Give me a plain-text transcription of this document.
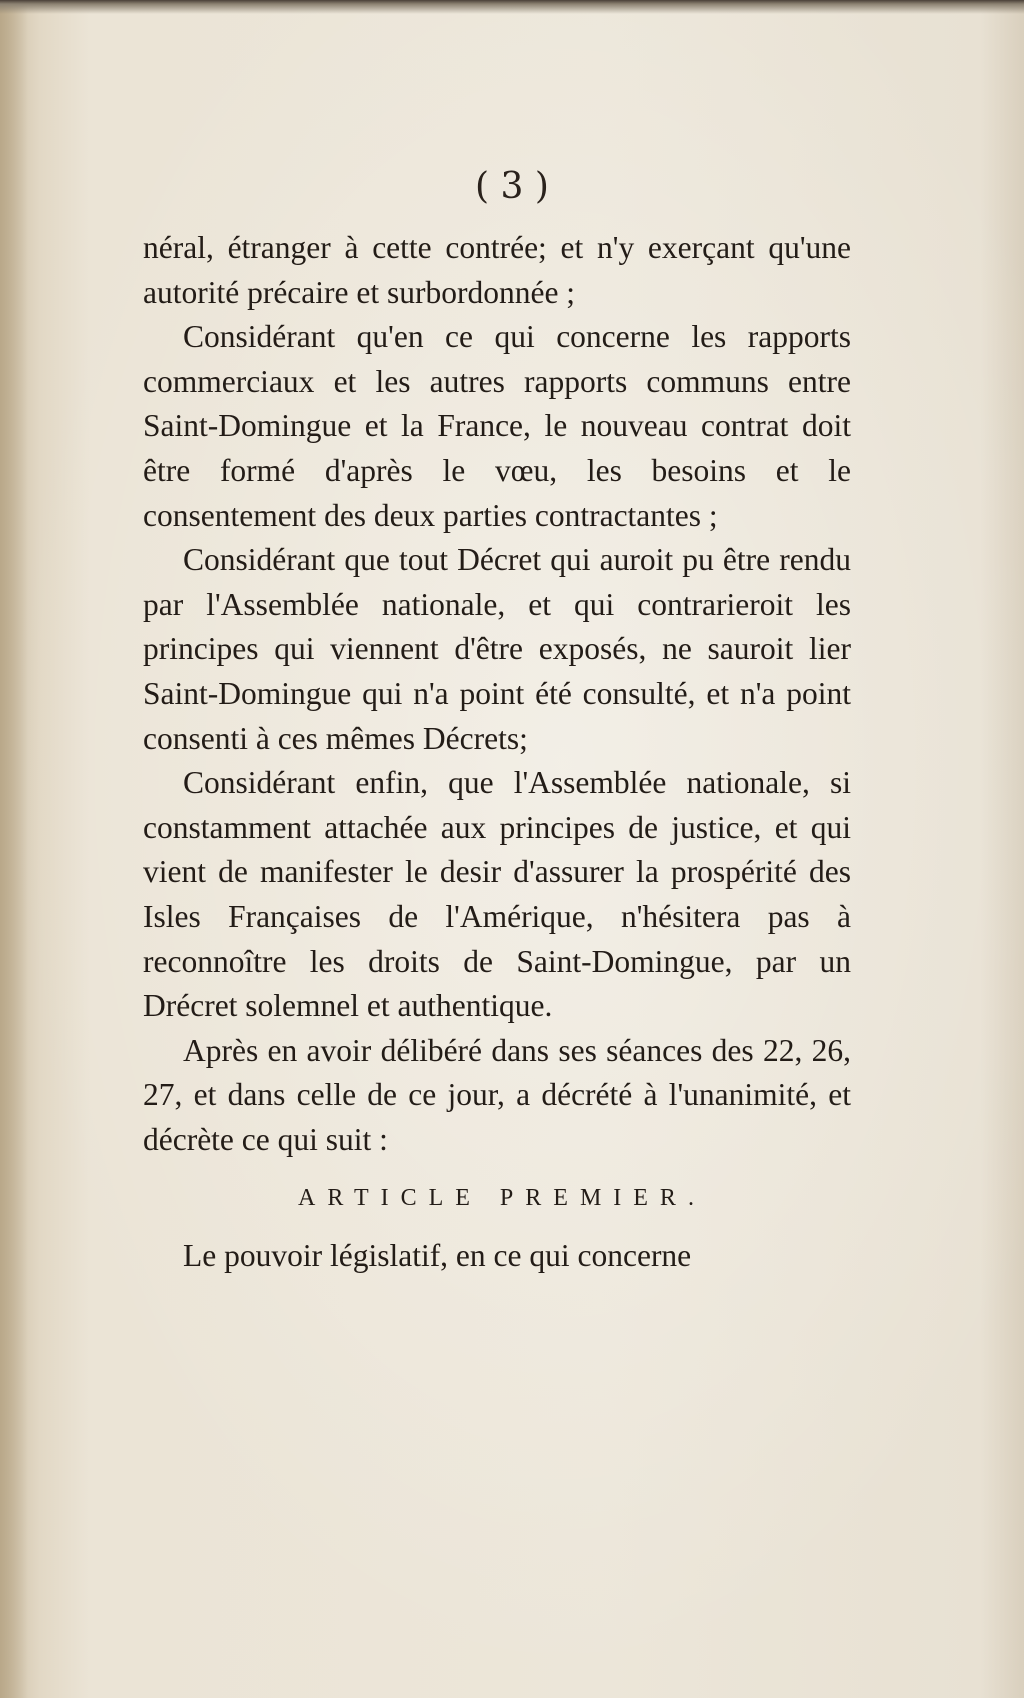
( 3 )

néral, étranger à cette contrée; et n'y exerçant qu'une autorité précaire et surbordonnée ;

Considérant qu'en ce qui concerne les rapports commerciaux et les autres rapports communs entre Saint-Domingue et la France, le nouveau contrat doit être formé d'après le vœu, les besoins et le consentement des deux parties contractantes ;

Considérant que tout Décret qui auroit pu être rendu par l'Assemblée nationale, et qui contrarieroit les principes qui viennent d'être exposés, ne sauroit lier Saint-Domingue qui n'a point été consulté, et n'a point consenti à ces mêmes Décrets;

Considérant enfin, que l'Assemblée nationale, si constamment attachée aux principes de justice, et qui vient de manifester le desir d'assurer la prospérité des Isles Françaises de l'Amérique, n'hésitera pas à reconnoître les droits de Saint-Domingue, par un Drécret solemnel et authentique.

Après en avoir délibéré dans ses séances des 22, 26, 27, et dans celle de ce jour, a décrété à l'unanimité, et décrète ce qui suit :

ARTICLE PREMIER.

Le pouvoir législatif, en ce qui concerne
